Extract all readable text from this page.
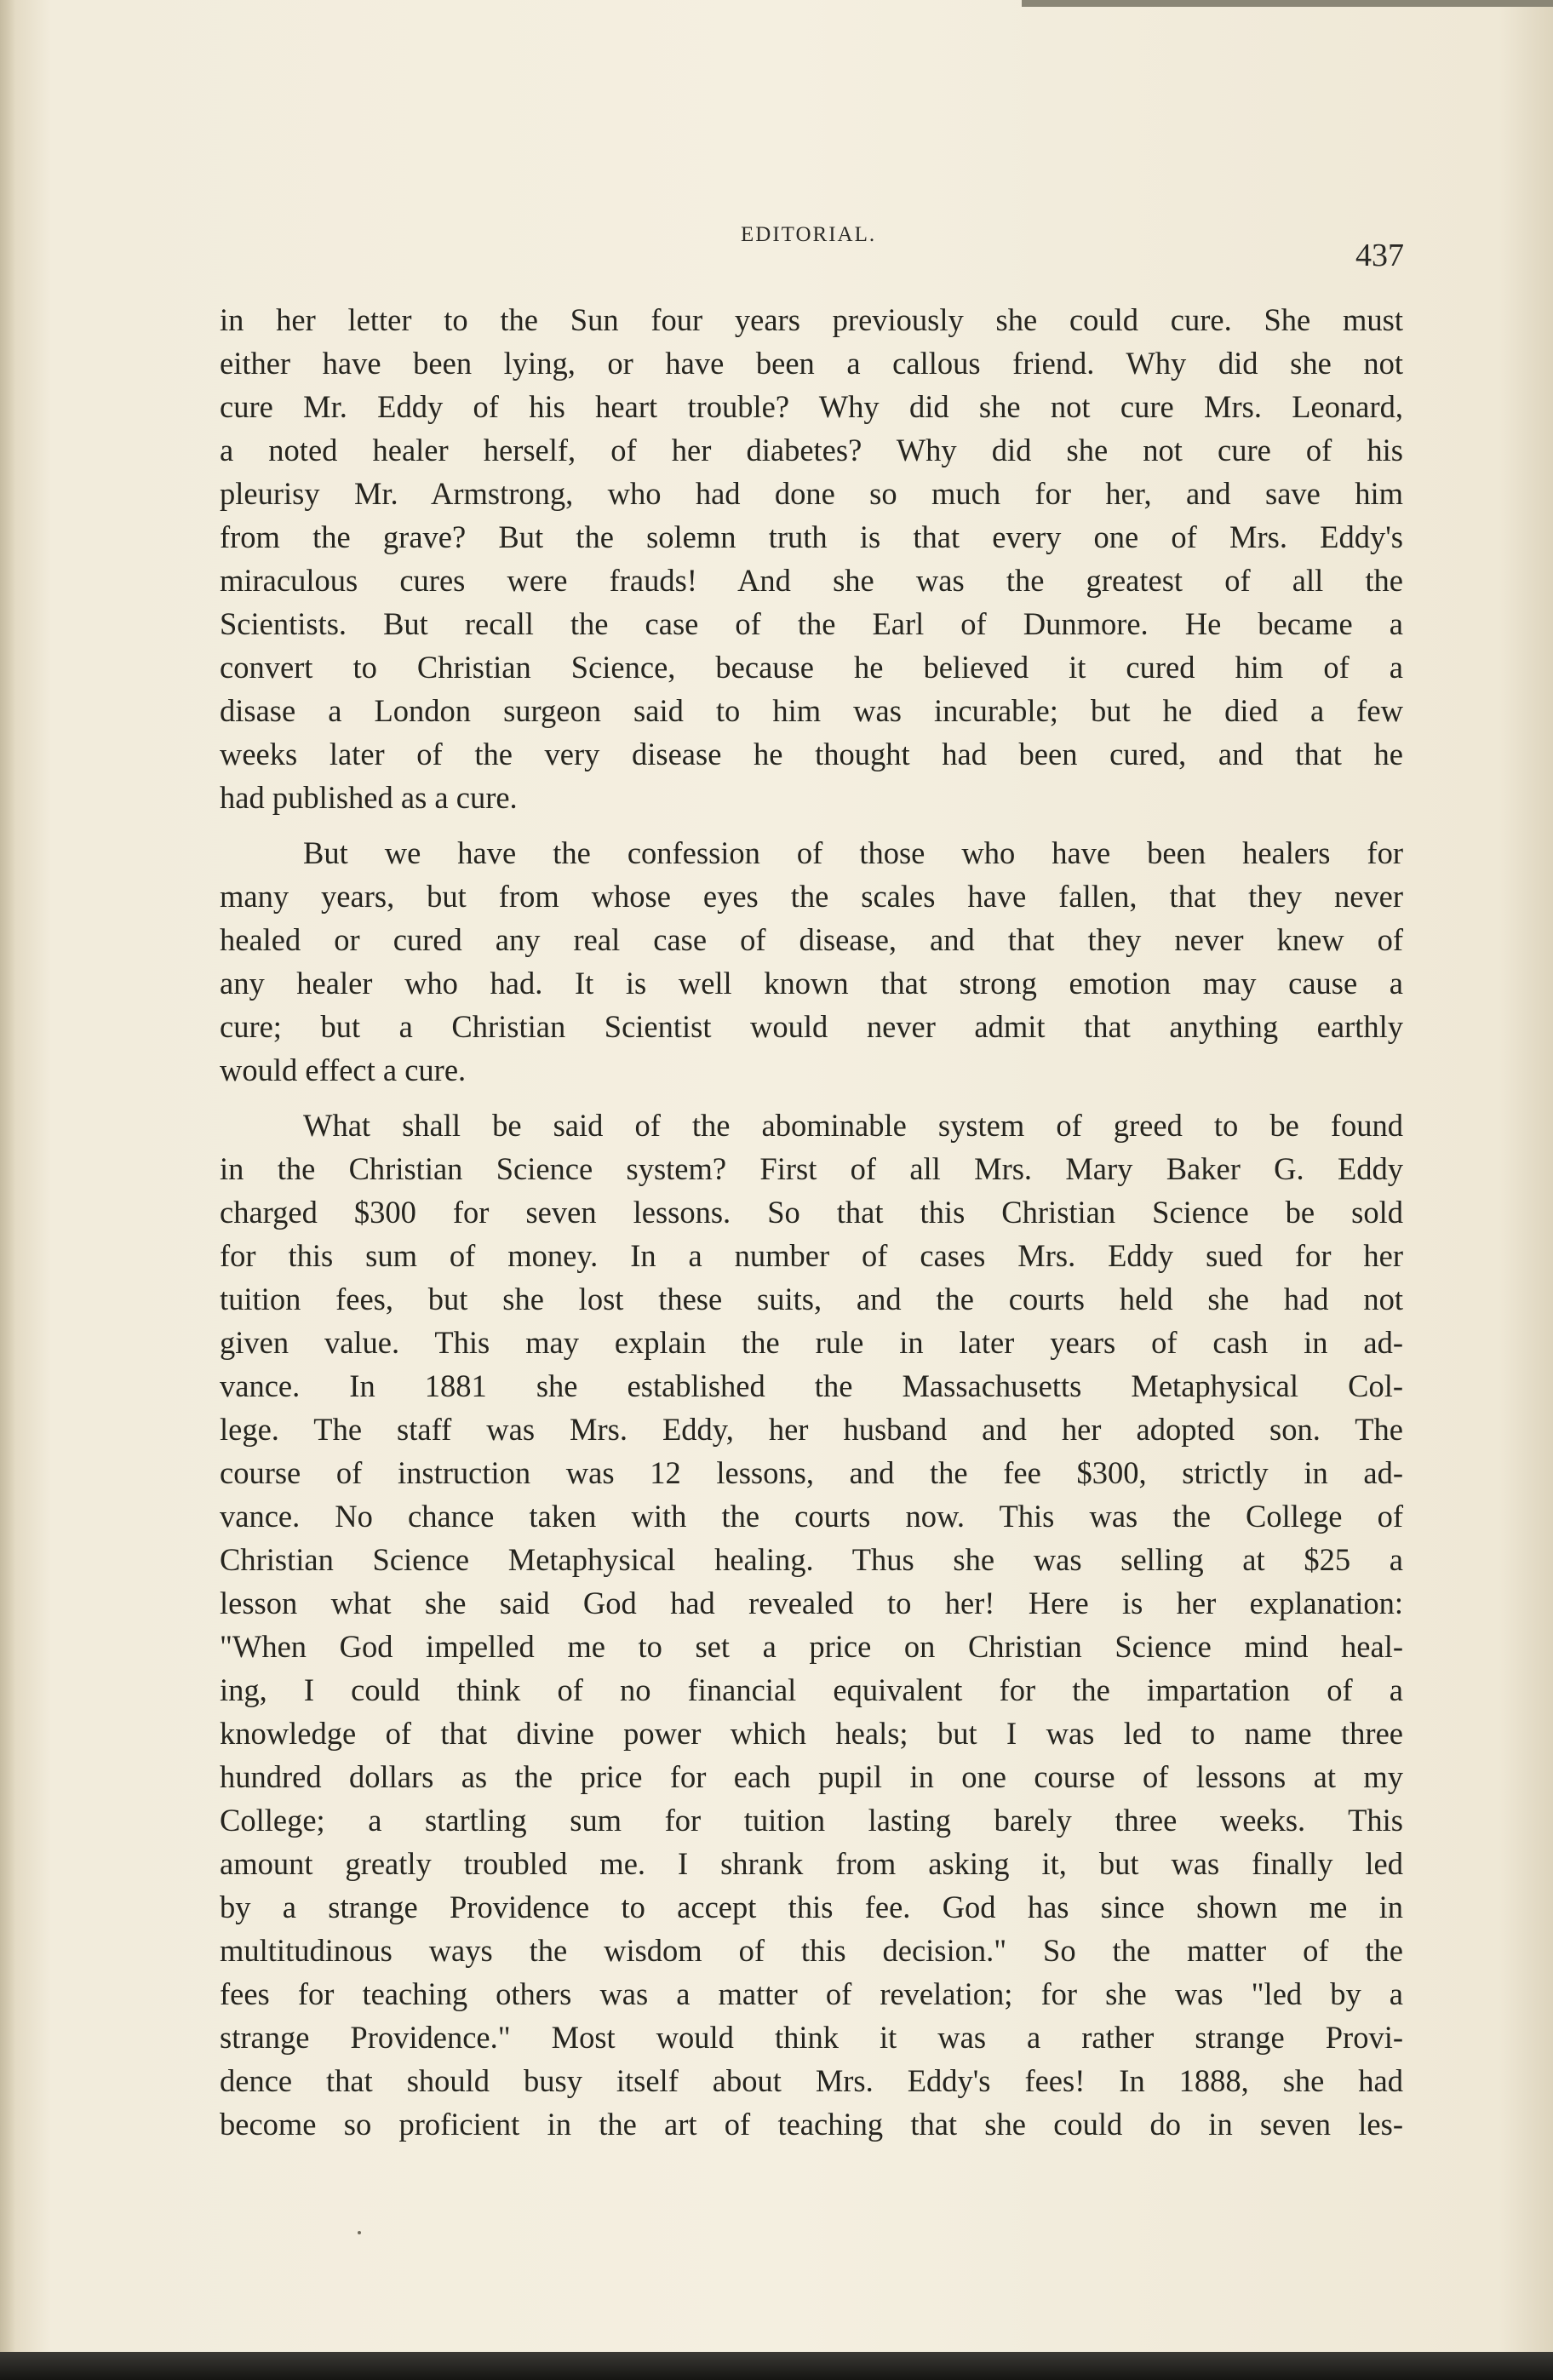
EDITORIAL.
437

in her letter to the Sun four years previously she could cure. She must
either have been lying, or have been a callous friend. Why did she not
cure Mr. Eddy of his heart trouble? Why did she not cure Mrs. Leonard,
a noted healer herself, of her diabetes? Why did she not cure of his
pleurisy Mr. Armstrong, who had done so much for her, and save him
from the grave? But the solemn truth is that every one of Mrs. Eddy's
miraculous cures were frauds! And she was the greatest of all the
Scientists. But recall the case of the Earl of Dunmore. He became a
convert to Christian Science, because he believed it cured him of a
disase a London surgeon said to him was incurable; but he died a few
weeks later of the very disease he thought had been cured, and that he
had published as a cure.

But we have the confession of those who have been healers for
many years, but from whose eyes the scales have fallen, that they never
healed or cured any real case of disease, and that they never knew of
any healer who had. It is well known that strong emotion may cause a
cure; but a Christian Scientist would never admit that anything earthly
would effect a cure.

What shall be said of the abominable system of greed to be found
in the Christian Science system? First of all Mrs. Mary Baker G. Eddy
charged $300 for seven lessons. So that this Christian Science be sold
for this sum of money. In a number of cases Mrs. Eddy sued for her
tuition fees, but she lost these suits, and the courts held she had not
given value. This may explain the rule in later years of cash in ad-
vance. In 1881 she established the Massachusetts Metaphysical Col-
lege. The staff was Mrs. Eddy, her husband and her adopted son. The
course of instruction was 12 lessons, and the fee $300, strictly in ad-
vance. No chance taken with the courts now. This was the College of
Christian Science Metaphysical healing. Thus she was selling at $25 a
lesson what she said God had revealed to her! Here is her explanation:
"When God impelled me to set a price on Christian Science mind heal-
ing, I could think of no financial equivalent for the impartation of a
knowledge of that divine power which heals; but I was led to name three
hundred dollars as the price for each pupil in one course of lessons at my
College; a startling sum for tuition lasting barely three weeks. This
amount greatly troubled me. I shrank from asking it, but was finally led
by a strange Providence to accept this fee. God has since shown me in
multitudinous ways the wisdom of this decision." So the matter of the
fees for teaching others was a matter of revelation; for she was "led by a
strange Providence." Most would think it was a rather strange Provi-
dence that should busy itself about Mrs. Eddy's fees! In 1888, she had
become so proficient in the art of teaching that she could do in seven les-
